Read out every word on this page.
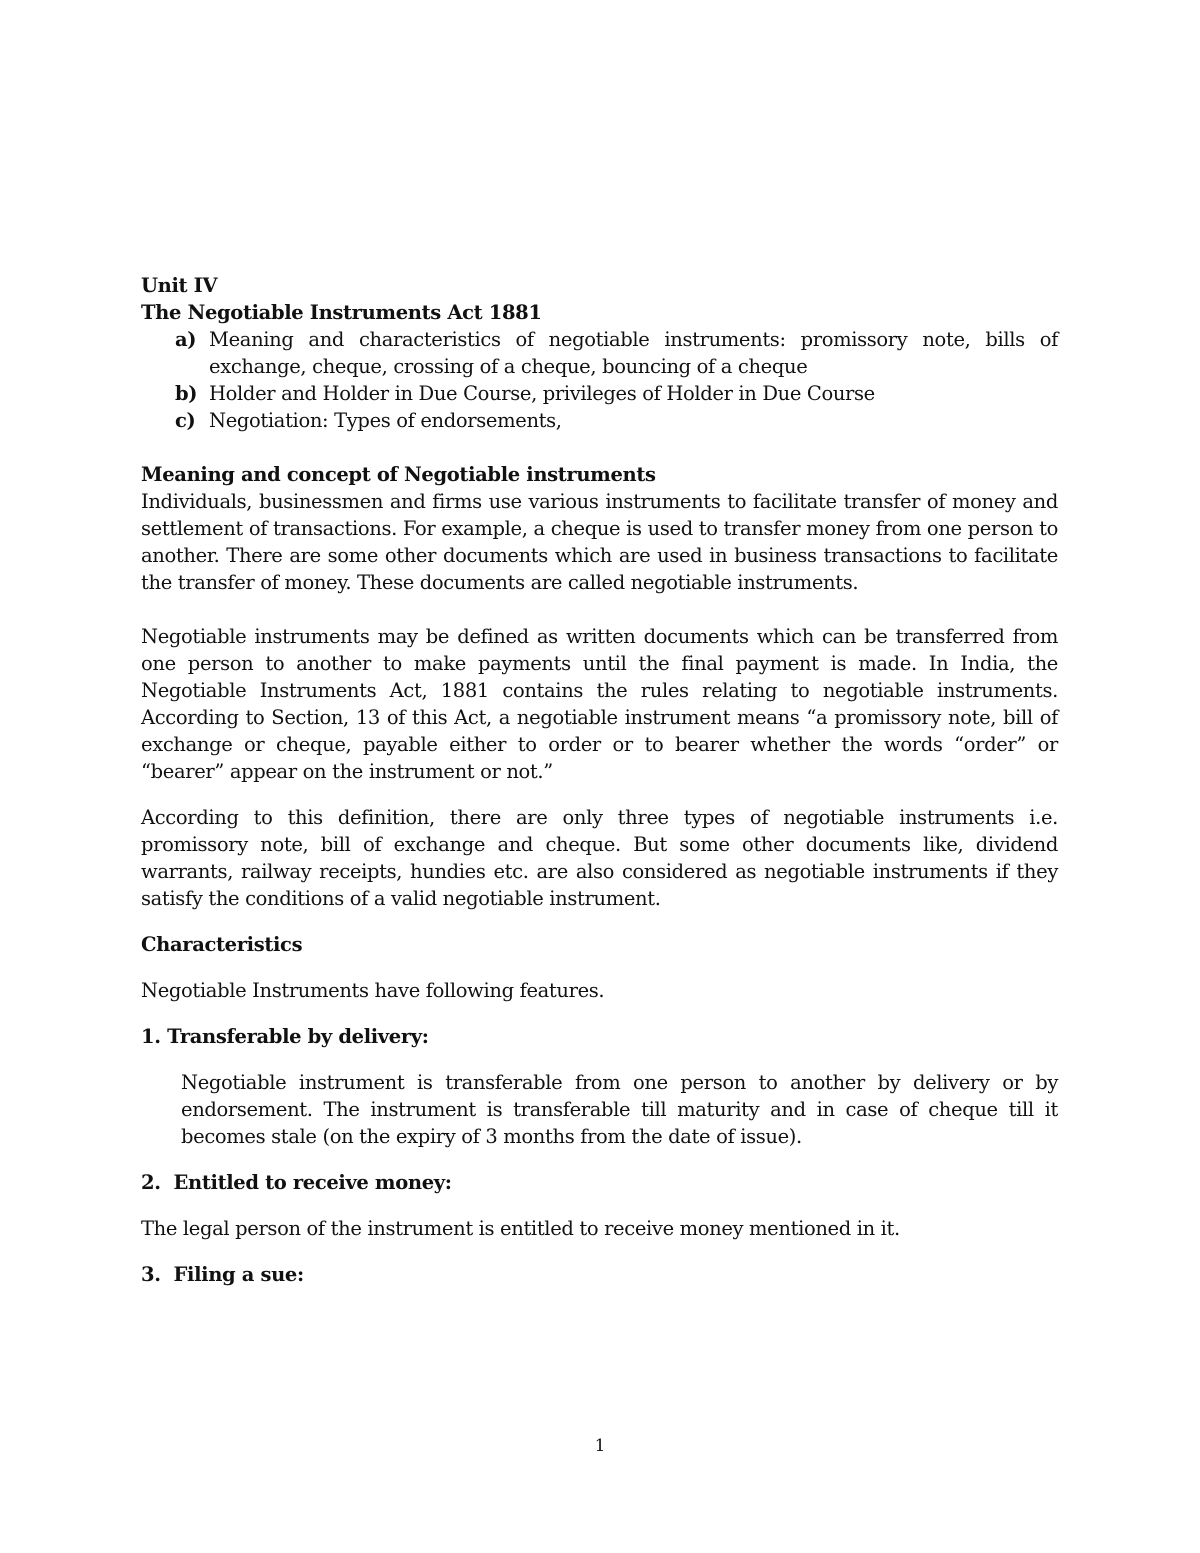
Unit IV

The Negotiable Instruments Act 1881

a) Meaning and characteristics of negotiable instruments: promissory note, bills of exchange, cheque, crossing of a cheque, bouncing of a cheque
b) Holder and Holder in Due Course, privileges of Holder in Due Course
c) Negotiation: Types of endorsements,

Meaning and concept of Negotiable instruments

Individuals, businessmen and firms use various instruments to facilitate transfer of money and settlement of transactions. For example, a cheque is used to transfer money from one person to another. There are some other documents which are used in business transactions to facilitate the transfer of money. These documents are called negotiable instruments.

Negotiable instruments may be defined as written documents which can be transferred from one person to another to make payments until the final payment is made. In India, the Negotiable Instruments Act, 1881 contains the rules relating to negotiable instruments. According to Section, 13 of this Act, a negotiable instrument means “a promissory note, bill of exchange or cheque, payable either to order or to bearer whether the words “order” or “bearer” appear on the instrument or not.”

According to this definition, there are only three types of negotiable instruments i.e. promissory note, bill of exchange and cheque. But some other documents like, dividend warrants, railway receipts, hundies etc. are also considered as negotiable instruments if they satisfy the conditions of a valid negotiable instrument.

Characteristics

Negotiable Instruments have following features.

1. Transferable by delivery:

Negotiable instrument is transferable from one person to another by delivery or by endorsement. The instrument is transferable till maturity and in case of cheque till it becomes stale (on the expiry of 3 months from the date of issue).

2.  Entitled to receive money:

The legal person of the instrument is entitled to receive money mentioned in it.

3.  Filing a sue:

1
